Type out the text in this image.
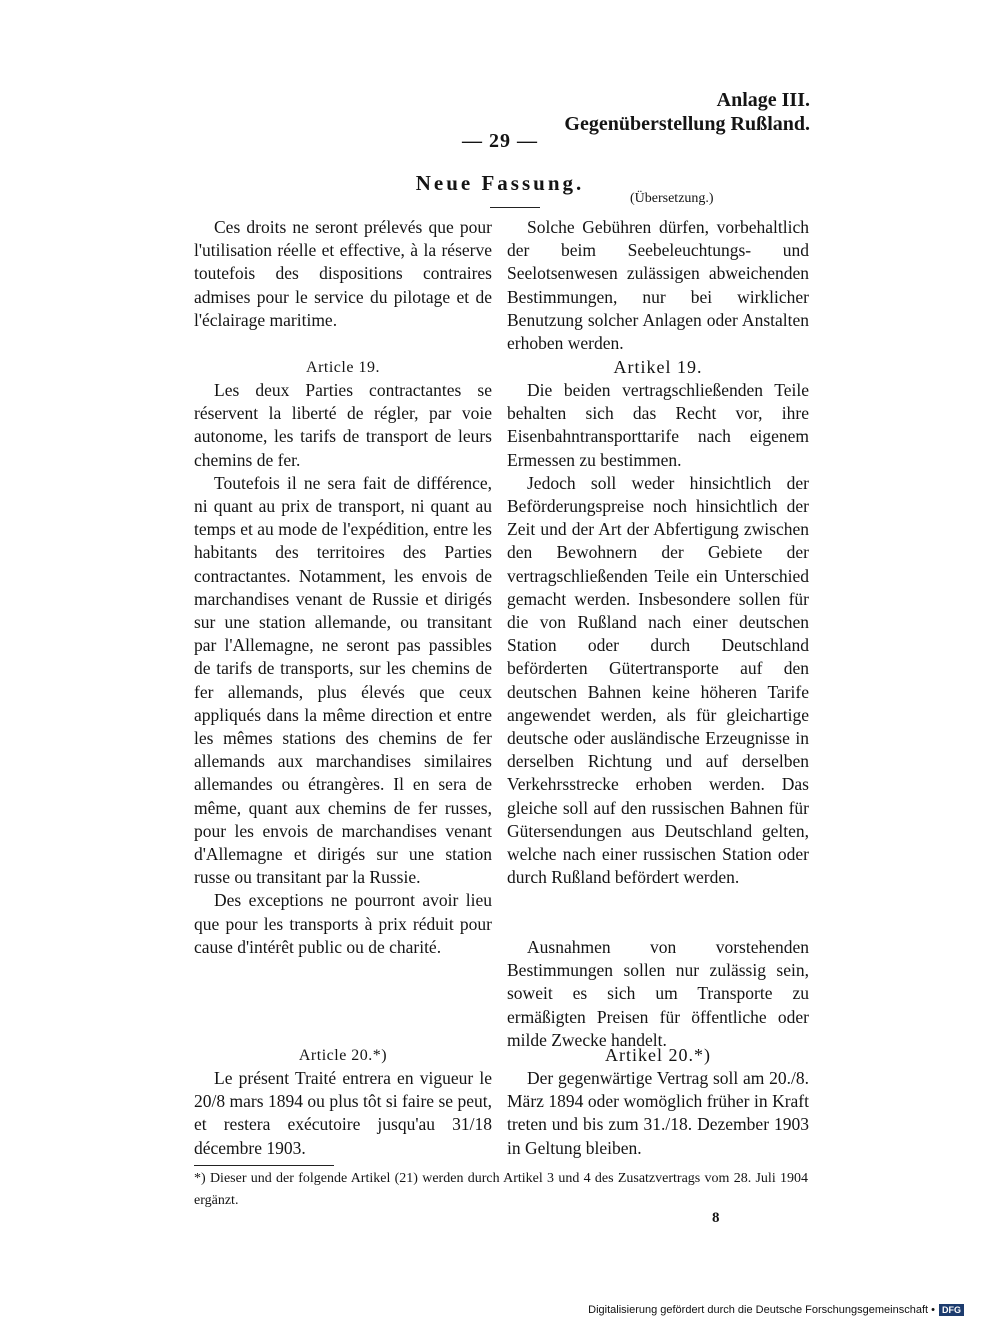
Anlage III.
Gegenüberstellung Rußland.
— 29 —
Neue Fassung.
(Übersetzung.)

Ces droits ne seront prélevés que pour l'utilisation réelle et effective, à la réserve toutefois des dispositions contraires admises pour le service du pilotage et de l'éclairage maritime.

Article 19.

Les deux Parties contractantes se réservent la liberté de régler, par voie autonome, les tarifs de transport de leurs chemins de fer.

Toutefois il ne sera fait de différence, ni quant au prix de transport, ni quant au temps et au mode de l'expédition, entre les habitants des territoires des Parties contractantes. Notamment, les envois de marchandises venant de Russie et dirigés sur une station allemande, ou transitant par l'Allemagne, ne seront pas passibles de tarifs de transports, sur les chemins de fer allemands, plus élevés que ceux appliqués dans la même direction et entre les mêmes stations des chemins de fer allemands aux marchandises similaires allemandes ou étrangères. Il en sera de même, quant aux chemins de fer russes, pour les envois de marchandises venant d'Allemagne et dirigés sur une station russe ou transitant par la Russie.

Des exceptions ne pourront avoir lieu que pour les transports à prix réduit pour cause d'intérêt public ou de charité.

Article 20.*)

Le présent Traité entrera en vigueur le 20/8 mars 1894 ou plus tôt si faire se peut, et restera exécutoire jusqu'au 31/18 décembre 1903.

Solche Gebühren dürfen, vorbehaltlich der beim Seebeleuchtungs- und Seelotsenwesen zulässigen abweichenden Bestimmungen, nur bei wirklicher Benutzung solcher Anlagen oder Anstalten erhoben werden.

Artikel 19.

Die beiden vertragschließenden Teile behalten sich das Recht vor, ihre Eisenbahntransporttarife nach eigenem Ermessen zu bestimmen.

Jedoch soll weder hinsichtlich der Beförderungspreise noch hinsichtlich der Zeit und der Art der Abfertigung zwischen den Bewohnern der Gebiete der vertragschließenden Teile ein Unterschied gemacht werden. Insbesondere sollen für die von Rußland nach einer deutschen Station oder durch Deutschland beförderten Gütertransporte auf den deutschen Bahnen keine höheren Tarife angewendet werden, als für gleichartige deutsche oder ausländische Erzeugnisse in derselben Richtung und auf derselben Verkehrsstrecke erhoben werden. Das gleiche soll auf den russischen Bahnen für Gütersendungen aus Deutschland gelten, welche nach einer russischen Station oder durch Rußland befördert werden.

Ausnahmen von vorstehenden Bestimmungen sollen nur zulässig sein, soweit es sich um Transporte zu ermäßigten Preisen für öffentliche oder milde Zwecke handelt.

Artikel 20.*)

Der gegenwärtige Vertrag soll am 20./8. März 1894 oder womöglich früher in Kraft treten und bis zum 31./18. Dezember 1903 in Geltung bleiben.

*) Dieser und der folgende Artikel (21) werden durch Artikel 3 und 4 des Zusatzvertrags vom 28. Juli 1904 ergänzt.
8
Digitalisierung gefördert durch die Deutsche Forschungsgemeinschaft • DFG
